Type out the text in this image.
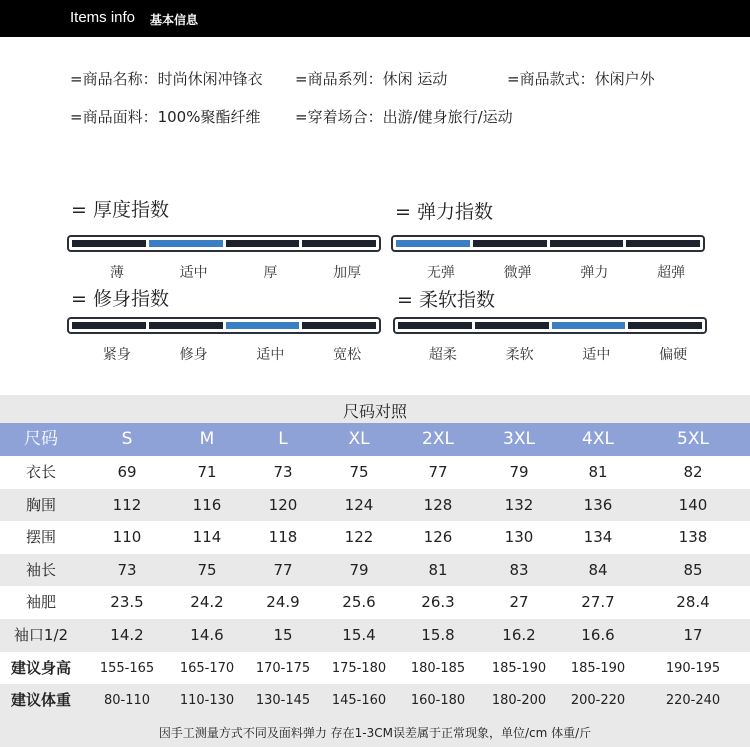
Items info 基本信息
=商品名称：时尚休闲冲锋衣 =商品系列：休闲 运动	=商品款式：休闲户外
=商品面料：100%聚酯纤维 =穿着场合：出游/健身旅行/运动
= 厚度指数
薄	适中	厚	加厚
= 弹力指数
无弹	微弹	弹力	超弹
= 修身指数
紧身	修身	适中	宽松
= 柔软指数
超柔	柔软	适中	偏硬
尺码对照
尺码	S	M	L	XL	2XL	3XL	4XL	5XL
衣长	69	71	73	75	77	79	81	82
胸围	112	116	120	124	128	132	136	140
摆围	110	114	118	122	126	130	134	138
袖长	73	75	77	79	81	83	84	85
袖肥	23.5	24.2	24.9	25.6	26.3	27	27.7	28.4
袖口1/2	14.2	14.6	15	15.4	15.8	16.2	16.6	17
建议身高	155-165	165-170	170-175	175-180	180-185	185-190	185-190	190-195
建议体重	80-110	110-130	130-145	145-160	160-180	180-200	200-220	220-240
因手工测量方式不同及面料弹力 存在1-3CM误差属于正常现象，单位/cm 体重/斤
